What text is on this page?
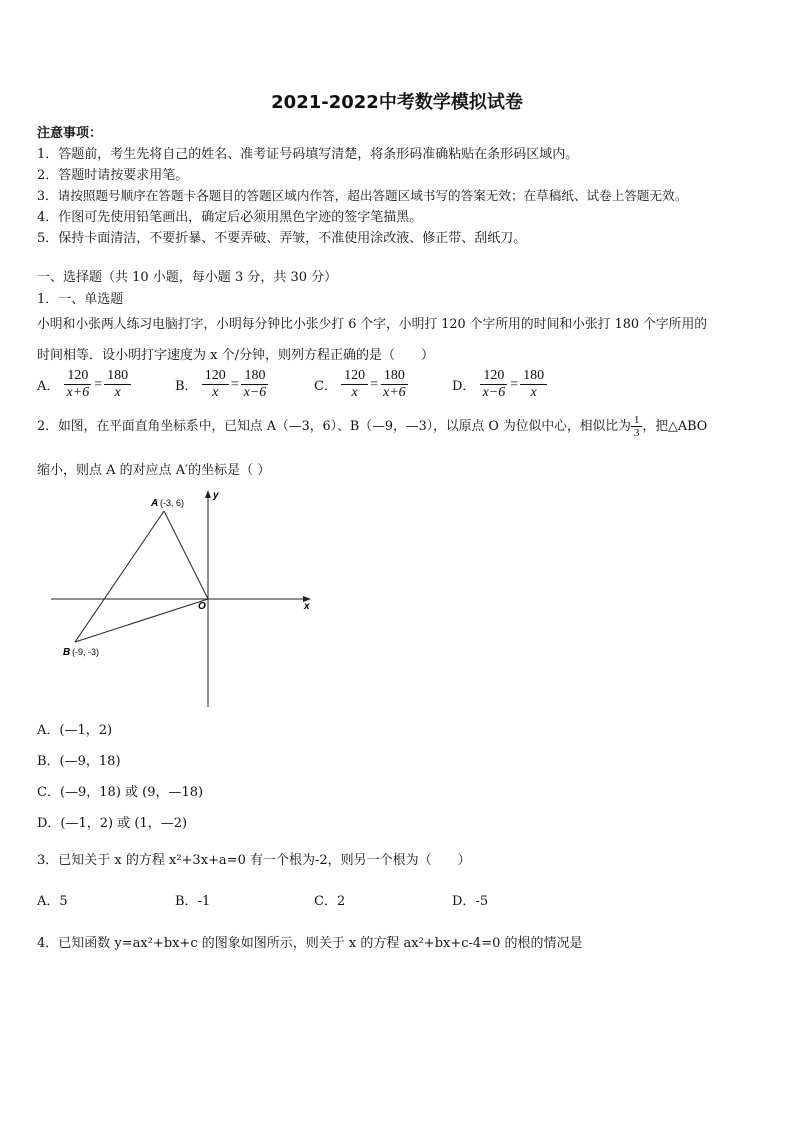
2021-2022中考数学模拟试卷
注意事项：
1．答题前，考生先将自己的姓名、准考证号码填写清楚，将条形码准确粘贴在条形码区域内。
2．答题时请按要求用笔。
3．请按照题号顺序在答题卡各题目的答题区域内作答，超出答题区域书写的答案无效；在草稿纸、试卷上答题无效。
4．作图可先使用铅笔画出，确定后必须用黑色字迹的签字笔描黑。
5．保持卡面清洁，不要折暴、不要弄破、弄皱，不准使用涂改液、修正带、刮纸刀。
一、选择题（共 10 小题，每小题 3 分，共 30 分）
1．一、单选题
小明和小张两人练习电脑打字，小明每分钟比小张少打 6 个字，小明打 120 个字所用的时间和小张打 180 个字所用的
时间相等．设小明打字速度为 x 个/分钟，则列方程正确的是（　　）
A． $\frac{120}{x+6} = \frac{180}{x}$	B． $\frac{120}{x} = \frac{180}{x-6}$	C． $\frac{120}{x} = \frac{180}{x+6}$	D． $\frac{120}{x-6} = \frac{180}{x}$
2．如图，在平面直角坐标系中，已知点 A（—3，6）、B（—9，—3），以原点 O 为位似中心，相似比为 $\frac{1}{3}$ ，把△ABO
缩小，则点 A 的对应点 A′的坐标是（ ）
A (-3, 6)
B (-9, -3)
O	x
y
A．(—1，2)
B．(—9，18)
C．(—9，18) 或 (9，—18)
D．(—1，2) 或 (1，—2)
3．已知关于 x 的方程 x²+3x+a=0 有一个根为-2，则另一个根为（　　）
A．5	B．-1	C．2	D．-5
4．已知函数 y=ax²+bx+c 的图象如图所示，则关于 x 的方程 ax²+bx+c-4=0 的根的情况是
